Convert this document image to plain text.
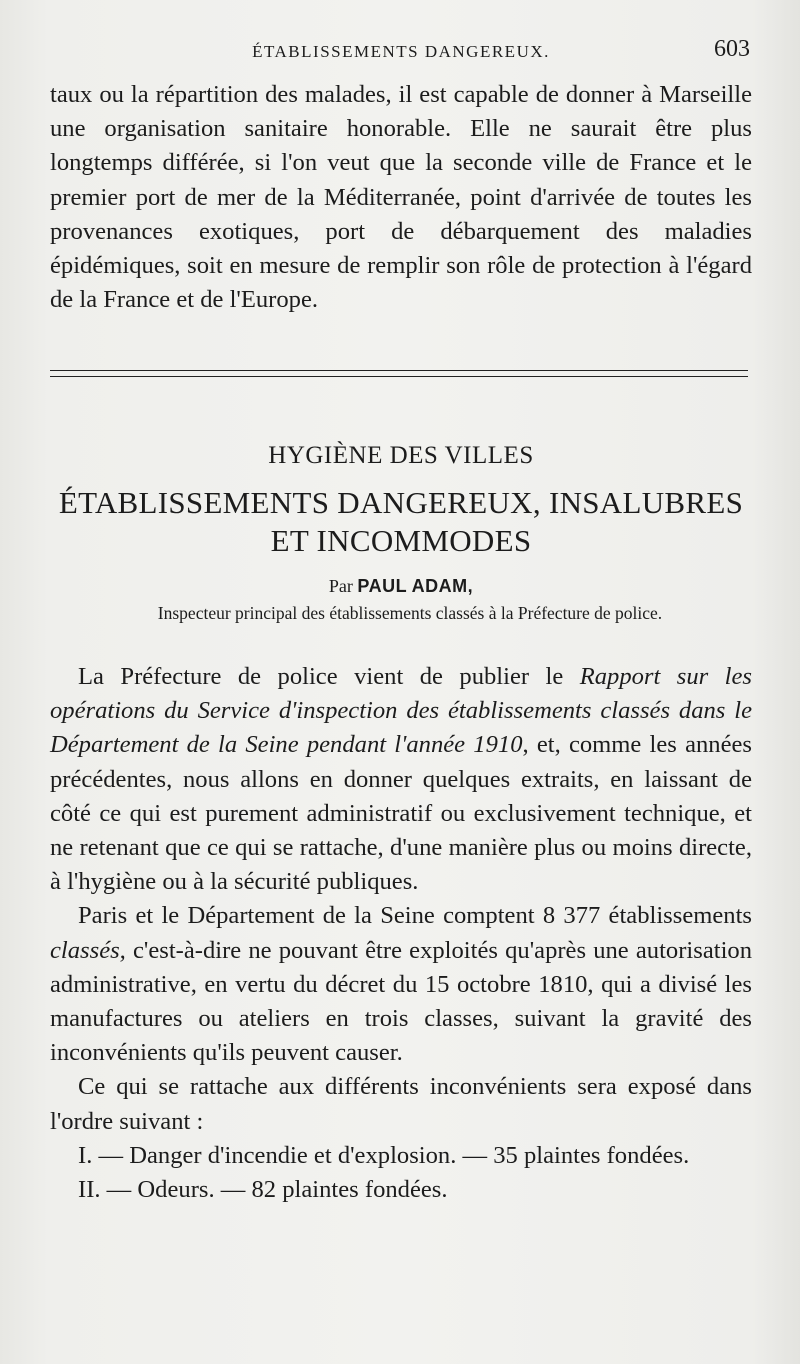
ÉTABLISSEMENTS DANGEREUX.	603

taux ou la répartition des malades, il est capable de donner à Marseille une organisation sanitaire honorable. Elle ne saurait être plus longtemps différée, si l'on veut que la seconde ville de France et le premier port de mer de la Méditerranée, point d'arrivée de toutes les provenances exotiques, port de débarquement des maladies épidémiques, soit en mesure de remplir son rôle de protection à l'égard de la France et de l'Europe.

HYGIÈNE DES VILLES
ÉTABLISSEMENTS DANGEREUX, INSALUBRES
ET INCOMMODES
Par PAUL ADAM,
Inspecteur principal des établissements classés à la Préfecture de police.

La Préfecture de police vient de publier le Rapport sur les opérations du Service d'inspection des établissements classés dans le Département de la Seine pendant l'année 1910, et, comme les années précédentes, nous allons en donner quelques extraits, en laissant de côté ce qui est purement administratif ou exclusivement technique, et ne retenant que ce qui se rattache, d'une manière plus ou moins directe, à l'hygiène ou à la sécurité publiques.

Paris et le Département de la Seine comptent 8 377 établissements classés, c'est-à-dire ne pouvant être exploités qu'après une autorisation administrative, en vertu du décret du 15 octobre 1810, qui a divisé les manufactures ou ateliers en trois classes, suivant la gravité des inconvénients qu'ils peuvent causer.

Ce qui se rattache aux différents inconvénients sera exposé dans l'ordre suivant :

I. — Danger d'incendie et d'explosion. — 35 plaintes fondées.

II. — Odeurs. — 82 plaintes fondées.
